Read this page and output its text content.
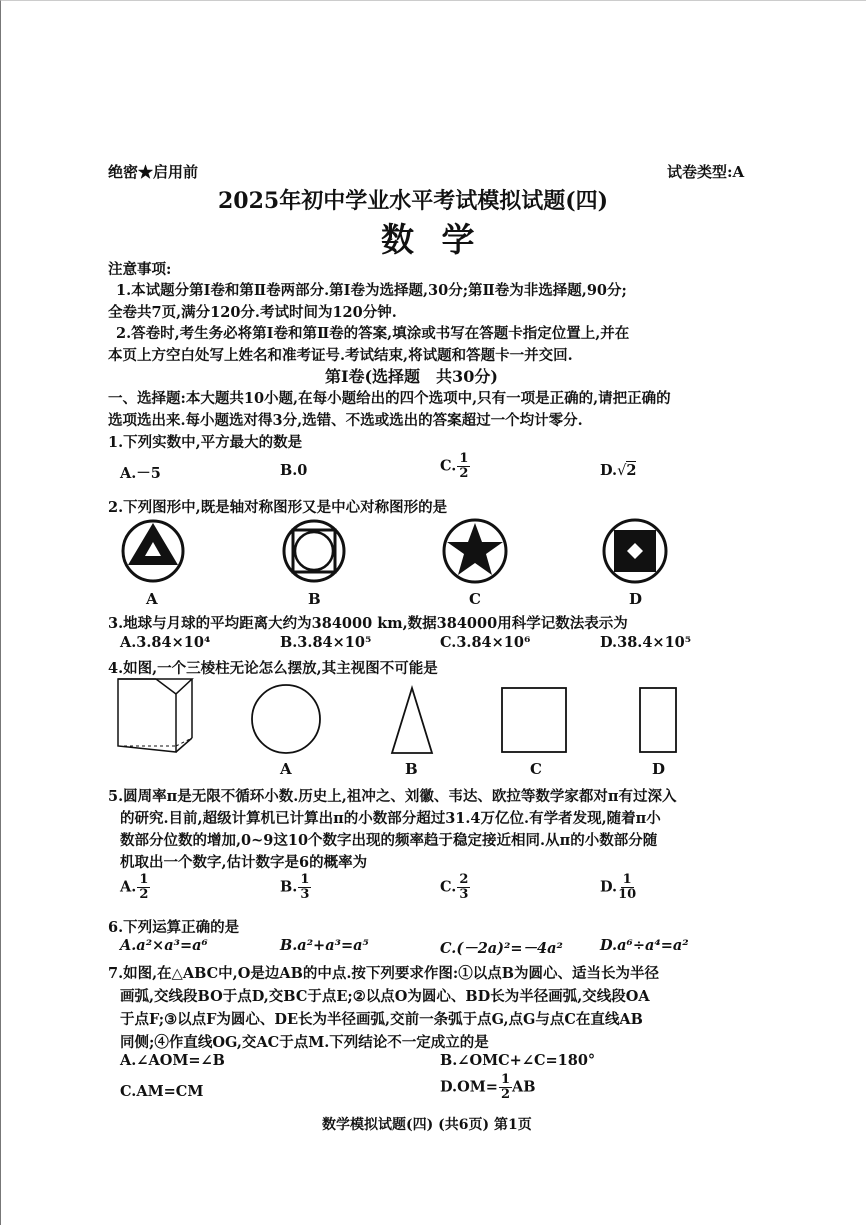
绝密★启用前	试卷类型:A
2025年初中学业水平考试模拟试题(四)
数 学
注意事项:
1.本试题分第Ⅰ卷和第Ⅱ卷两部分.第Ⅰ卷为选择题,30分;第Ⅱ卷为非选择题,90分;
全卷共7页,满分120分.考试时间为120分钟.
2.答卷时,考生务必将第Ⅰ卷和第Ⅱ卷的答案,填涂或书写在答题卡指定位置上,并在
本页上方空白处写上姓名和准考证号.考试结束,将试题和答题卡一并交回.
第Ⅰ卷(选择题　共30分)
一、选择题:本大题共10小题,在每小题给出的四个选项中,只有一项是正确的,请把正确的
选项选出来.每小题选对得3分,选错、不选或选出的答案超过一个均计零分.
1.下列实数中,平方最大的数是
A.－5	B.0	C. $\frac{1}{2}$	D.√2
2.下列图形中,既是轴对称图形又是中心对称图形的是
A	B	C	D
3.地球与月球的平均距离大约为384000 km,数据384000用科学记数法表示为
A.3.84×10⁴	B.3.84×10⁵	C.3.84×10⁶	D.38.4×10⁵
4.如图,一个三棱柱无论怎么摆放,其主视图不可能是
A	B	C	D
5.圆周率π是无限不循环小数.历史上,祖冲之、刘徽、韦达、欧拉等数学家都对π有过深入
的研究.目前,超级计算机已计算出π的小数部分超过31.4万亿位.有学者发现,随着π小
数部分位数的增加,0~9这10个数字出现的频率趋于稳定接近相同.从π的小数部分随
机取出一个数字,估计数字是6的概率为
A. $\frac{1}{2}$	B. $\frac{1}{3}$	C. $\frac{2}{3}$	D. $\frac{1}{10}$
6.下列运算正确的是
A.a²×a³=a⁶	B.a²+a³=a⁵	C.(－2a)²=－4a²	D.a⁶÷a⁴=a²
7.如图,在△ABC中,O是边AB的中点.按下列要求作图:①以点B为圆心、适当长为半径
画弧,交线段BO于点D,交BC于点E;②以点O为圆心、BD长为半径画弧,交线段OA
于点F;③以点F为圆心、DE长为半径画弧,交前一条弧于点G,点G与点C在直线AB
同侧;④作直线OG,交AC于点M.下列结论不一定成立的是
A.∠AOM=∠B	B.∠OMC+∠C=180°
C.AM=CM	$D.OM= \frac{1}{2}$ AB
数学模拟试题(四) (共6页) 第1页
